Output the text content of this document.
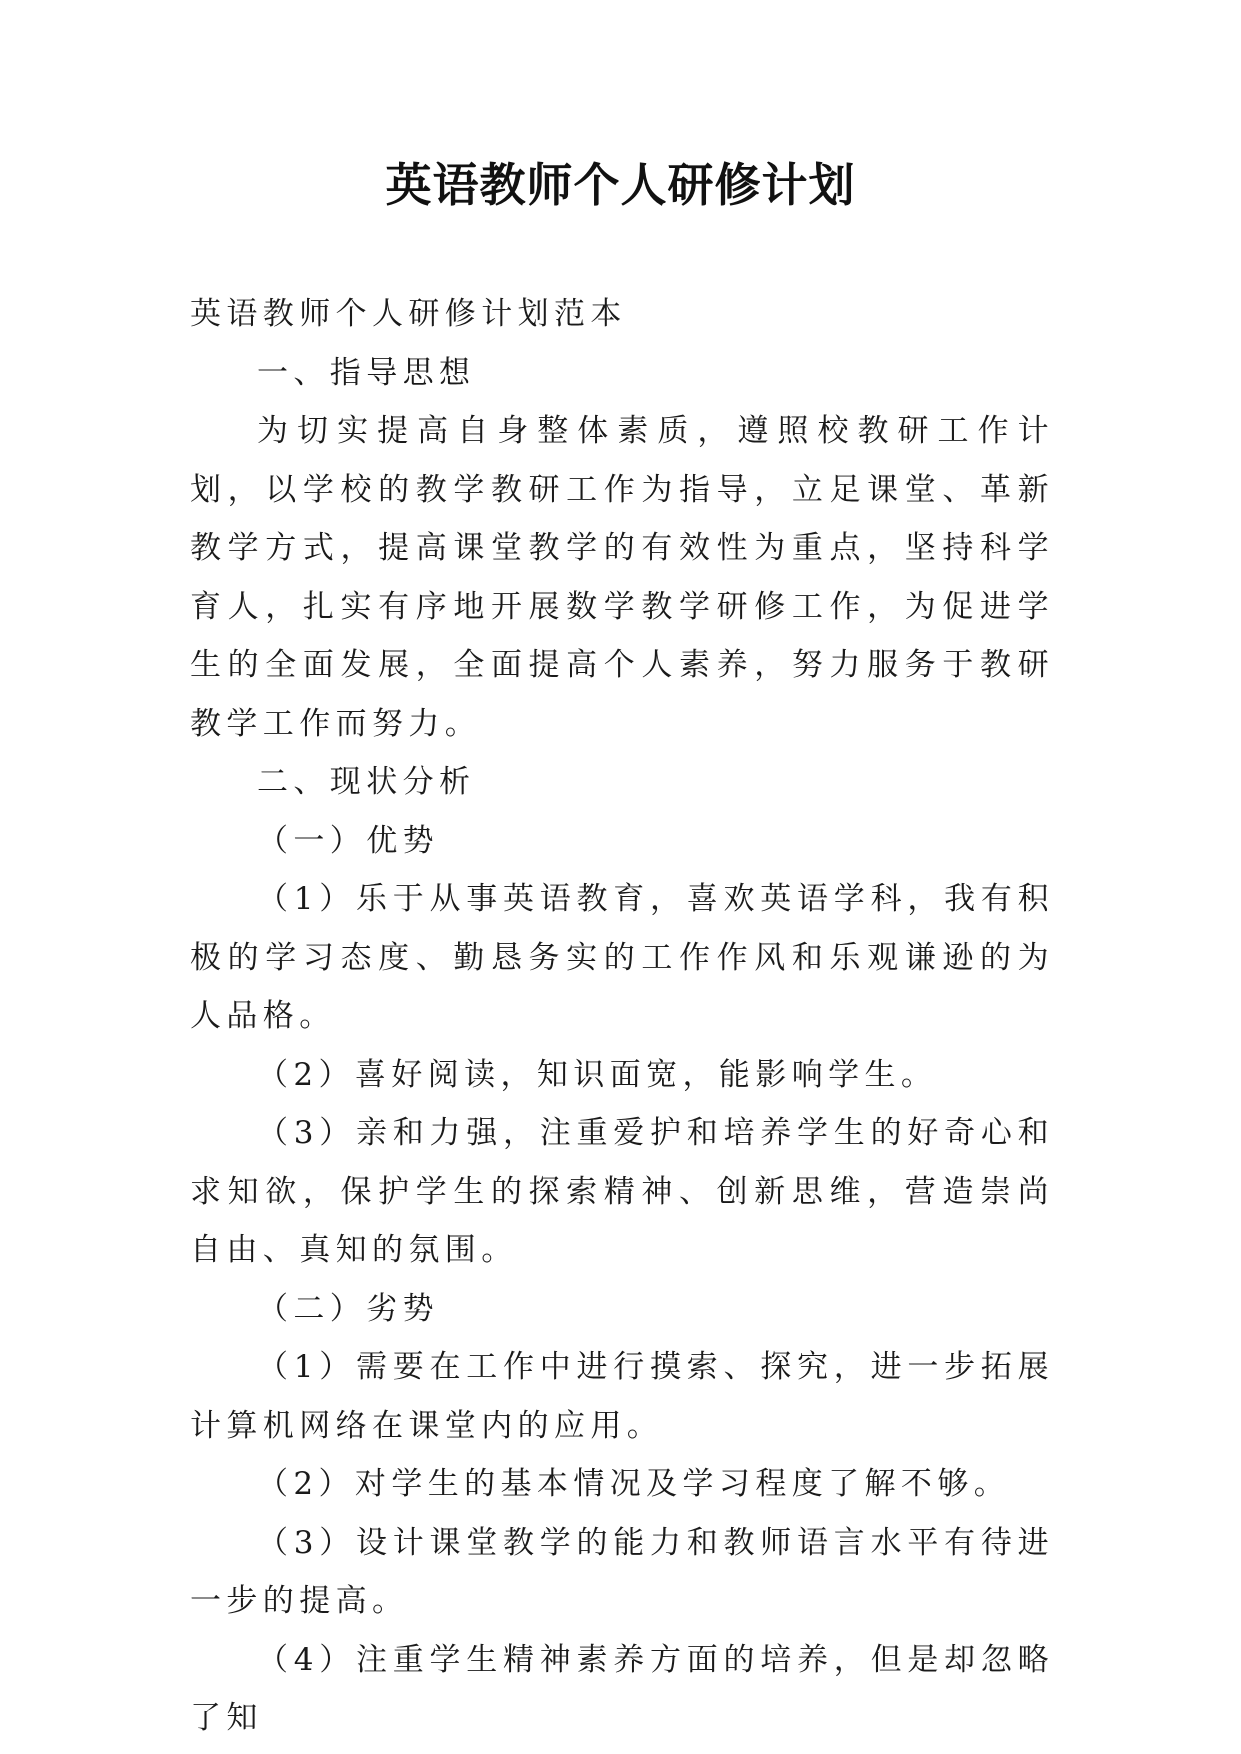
英语教师个人研修计划

英语教师个人研修计划范本

一、指导思想

为切实提高自身整体素质，遵照校教研工作计划，以学校的教学教研工作为指导，立足课堂、革新教学方式，提高课堂教学的有效性为重点，坚持科学育人，扎实有序地开展数学教学研修工作，为促进学生的全面发展，全面提高个人素养，努力服务于教研教学工作而努力。

二、现状分析

（一）优势

（1）乐于从事英语教育，喜欢英语学科，我有积极的学习态度、勤恳务实的工作作风和乐观谦逊的为人品格。

（2）喜好阅读，知识面宽，能影响学生。

（3）亲和力强，注重爱护和培养学生的好奇心和求知欲，保护学生的探索精神、创新思维，营造崇尚自由、真知的氛围。

（二）劣势

（1）需要在工作中进行摸索、探究，进一步拓展计算机网络在课堂内的应用。

（2）对学生的基本情况及学习程度了解不够。

（3）设计课堂教学的能力和教师语言水平有待进一步的提高。

（4）注重学生精神素养方面的培养，但是却忽略了知
